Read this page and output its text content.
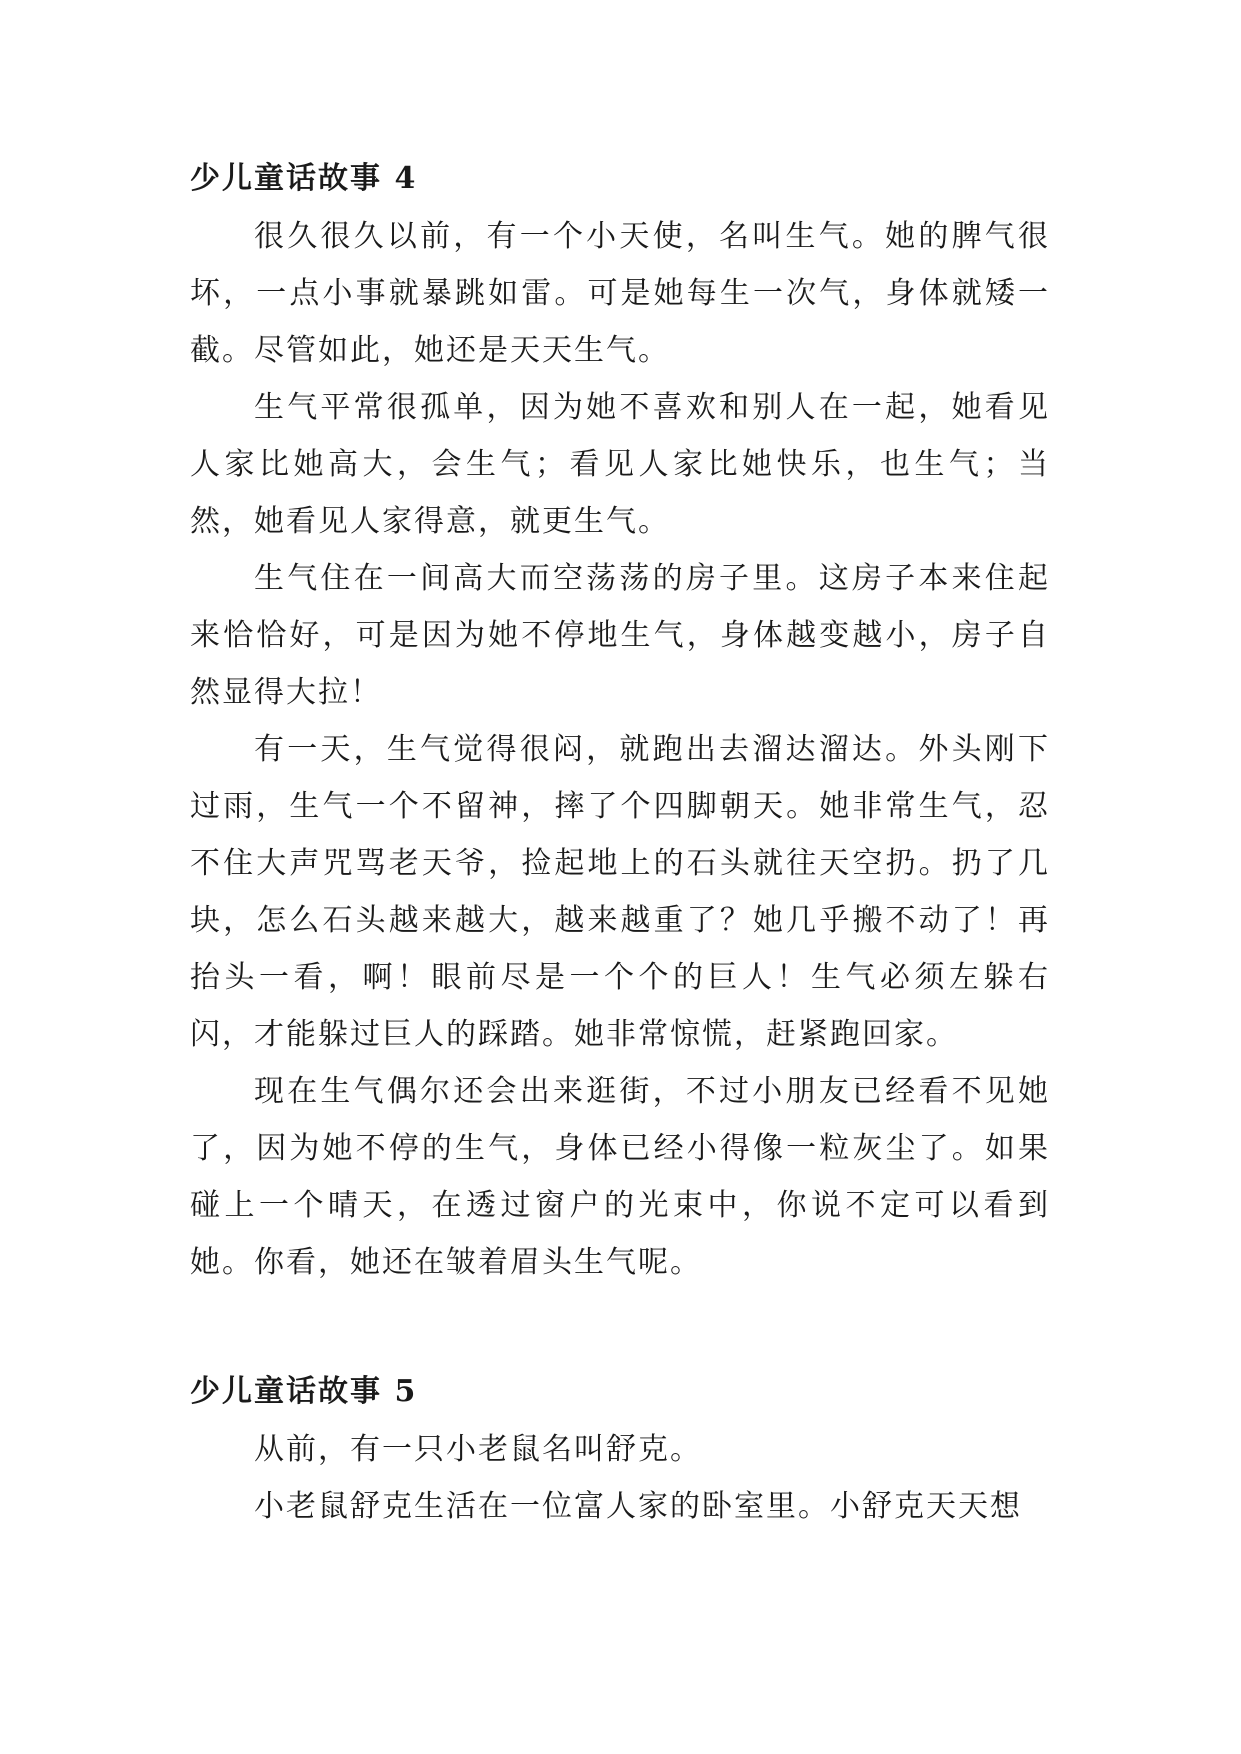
少儿童话故事 4

很久很久以前，有一个小天使，名叫生气。她的脾气很坏，一点小事就暴跳如雷。可是她每生一次气，身体就矮一截。尽管如此，她还是天天生气。

生气平常很孤单，因为她不喜欢和别人在一起，她看见人家比她高大，会生气；看见人家比她快乐，也生气；当然，她看见人家得意，就更生气。

生气住在一间高大而空荡荡的房子里。这房子本来住起来恰恰好，可是因为她不停地生气，身体越变越小，房子自然显得大拉！

有一天，生气觉得很闷，就跑出去溜达溜达。外头刚下过雨，生气一个不留神，摔了个四脚朝天。她非常生气，忍不住大声咒骂老天爷，捡起地上的石头就往天空扔。扔了几块，怎么石头越来越大，越来越重了？她几乎搬不动了！再抬头一看，啊！眼前尽是一个个的巨人！生气必须左躲右闪，才能躲过巨人的踩踏。她非常惊慌，赶紧跑回家。

现在生气偶尔还会出来逛街，不过小朋友已经看不见她了，因为她不停的生气，身体已经小得像一粒灰尘了。如果碰上一个晴天，在透过窗户的光束中，你说不定可以看到她。你看，她还在皱着眉头生气呢。

少儿童话故事 5

从前，有一只小老鼠名叫舒克。

小老鼠舒克生活在一位富人家的卧室里。小舒克天天想
